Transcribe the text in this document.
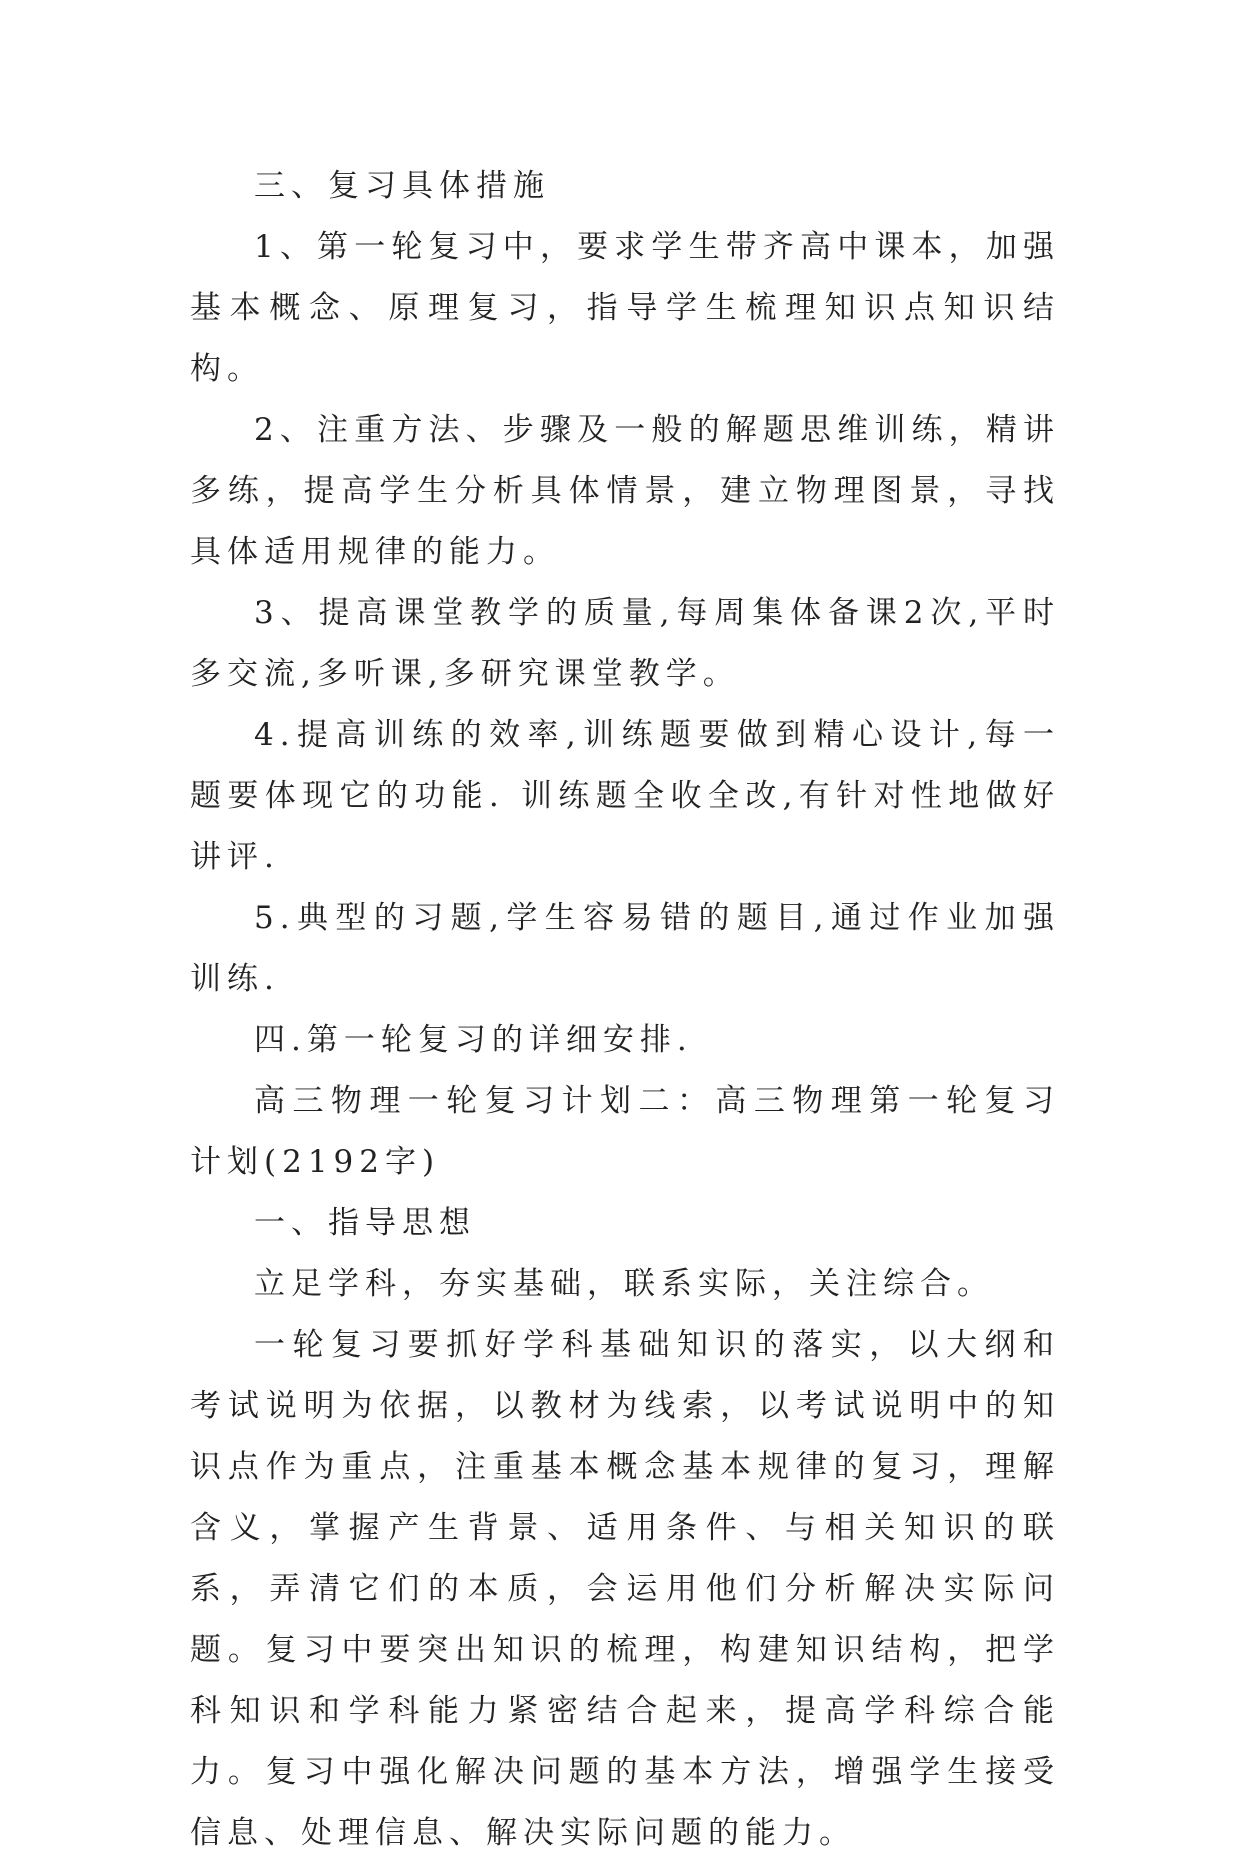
三、复习具体措施

1、第一轮复习中，要求学生带齐高中课本，加强基本概念、原理复习，指导学生梳理知识点知识结构。

2、注重方法、步骤及一般的解题思维训练，精讲多练，提高学生分析具体情景，建立物理图景，寻找具体适用规律的能力。

3、提高课堂教学的质量,每周集体备课2次,平时多交流,多听课,多研究课堂教学。

4.提高训练的效率,训练题要做到精心设计,每一题要体现它的功能. 训练题全收全改,有针对性地做好讲评.

5.典型的习题,学生容易错的题目,通过作业加强训练.

四.第一轮复习的详细安排.

高三物理一轮复习计划二：高三物理第一轮复习计划(2192字)

一、指导思想

立足学科，夯实基础，联系实际，关注综合。

一轮复习要抓好学科基础知识的落实，以大纲和考试说明为依据，以教材为线索，以考试说明中的知识点作为重点，注重基本概念基本规律的复习，理解含义，掌握产生背景、适用条件、与相关知识的联系，弄清它们的本质，会运用他们分析解决实际问题。复习中要突出知识的梳理，构建知识结构，把学科知识和学科能力紧密结合起来，提高学科综合能力。复习中强化解决问题的基本方法，增强学生接受信息、处理信息、解决实际问题的能力。
